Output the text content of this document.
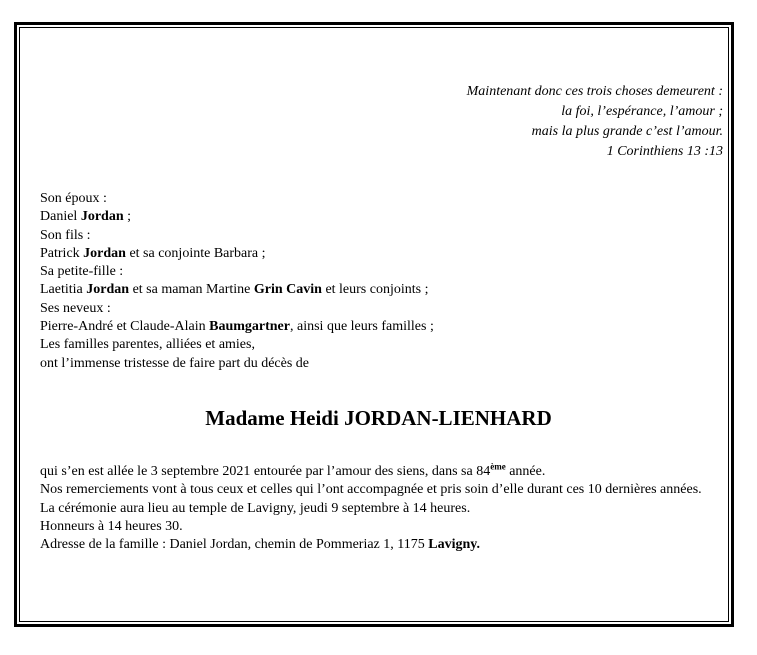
Maintenant donc ces trois choses demeurent :
la foi, l’espérance, l’amour ;
mais la plus grande c’est l’amour.
1 Corinthiens 13 :13
Son époux :
Daniel Jordan ;
Son fils :
Patrick Jordan et sa conjointe Barbara ;
Sa petite-fille :
Laetitia Jordan et sa maman Martine Grin Cavin et leurs conjoints ;
Ses neveux :
Pierre-André et Claude-Alain Baumgartner, ainsi que leurs familles ;
Les familles parentes, alliées et amies,
ont l’immense tristesse de faire part du décès de
Madame Heidi JORDAN-LIENHARD
qui s’en est allée le 3 septembre 2021 entourée par l’amour des siens, dans sa 84ème année.
Nos remerciements vont à tous ceux et celles qui l’ont accompagnée et pris soin d’elle durant ces 10 dernières années.
La cérémonie aura lieu au temple de Lavigny, jeudi 9 septembre à 14 heures.
Honneurs à 14 heures 30.
Adresse de la famille : Daniel Jordan, chemin de Pommeriaz 1, 1175 Lavigny.
